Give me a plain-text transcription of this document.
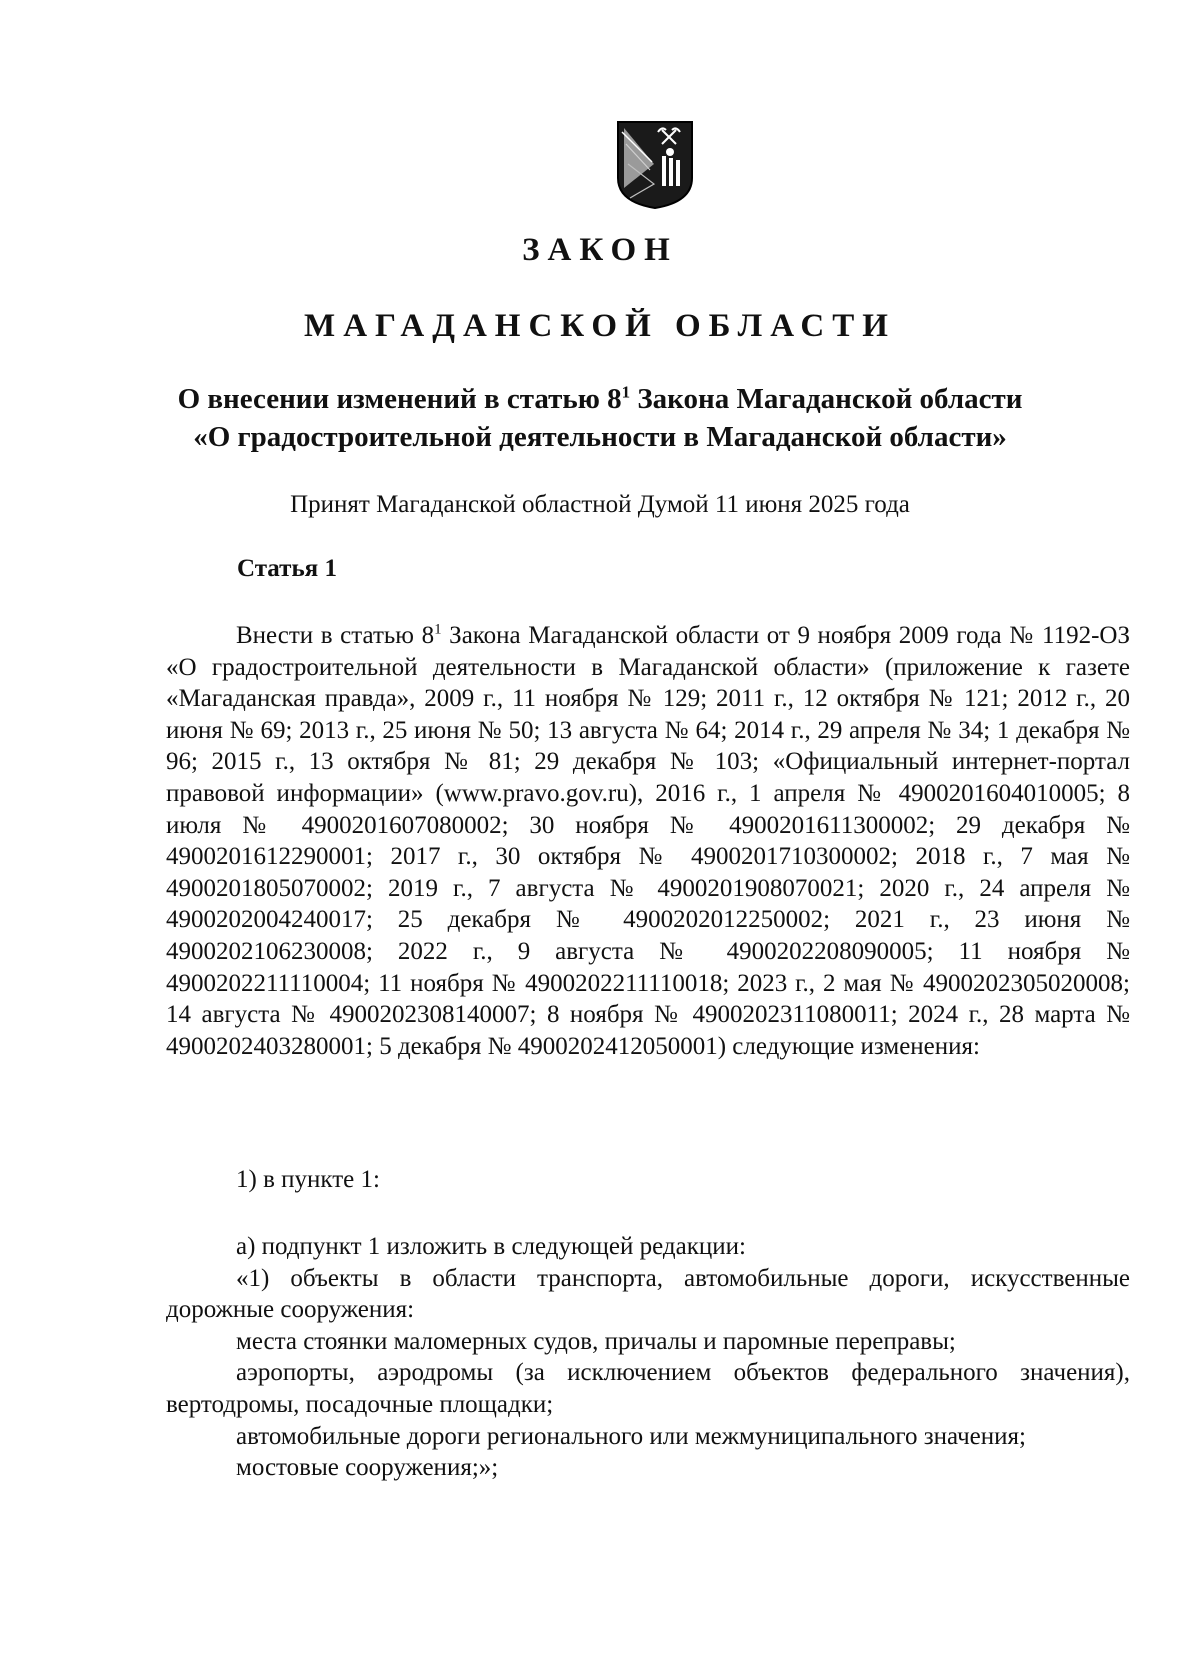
ЗАКОН
МАГАДАНСКОЙ ОБЛАСТИ
О внесении изменений в статью $8^1$ Закона Магаданской области
«О градостроительной деятельности в Магаданской области»
Принят Магаданской областной Думой 11 июня 2025 года
Статья 1

Внести в статью $8^1$ Закона Магаданской области от 9 ноября 2009 года № 1192-ОЗ «О градостроительной деятельности в Магаданской области» (приложение к газете «Магаданская правда», 2009 г., 11 ноября № 129; 2011 г., 12 октября № 121; 2012 г., 20 июня № 69; 2013 г., 25 июня № 50; 13 августа № 64; 2014 г., 29 апреля № 34; 1 декабря № 96; 2015 г., 13 октября № 81; 29 декабря № 103; «Официальный интернет-портал правовой информации» (www.pravo.gov.ru), 2016 г., 1 апреля № 4900201604010005; 8 июля № 4900201607080002; 30 ноября № 4900201611300002; 29 декабря № 4900201612290001; 2017 г., 30 октября № 4900201710300002; 2018 г., 7 мая № 4900201805070002; 2019 г., 7 августа № 4900201908070021; 2020 г., 24 апреля № 4900202004240017; 25 декабря № 4900202012250002; 2021 г., 23 июня № 4900202106230008; 2022 г., 9 августа № 4900202208090005; 11 ноября № 4900202211110004; 11 ноября № 4900202211110018; 2023 г., 2 мая № 4900202305020008; 14 августа № 4900202308140007; 8 ноября № 4900202311080011; 2024 г., 28 марта № 4900202403280001; 5 декабря № 4900202412050001) следующие изменения:

1) в пункте 1:

а) подпункт 1 изложить в следующей редакции:

«1) объекты в области транспорта, автомобильные дороги, искусственные дорожные сооружения:

места стоянки маломерных судов, причалы и паромные переправы;

аэропорты, аэродромы (за исключением объектов федерального значения), вертодромы, посадочные площадки;

автомобильные дороги регионального или межмуниципального значения;

мостовые сооружения;»;
